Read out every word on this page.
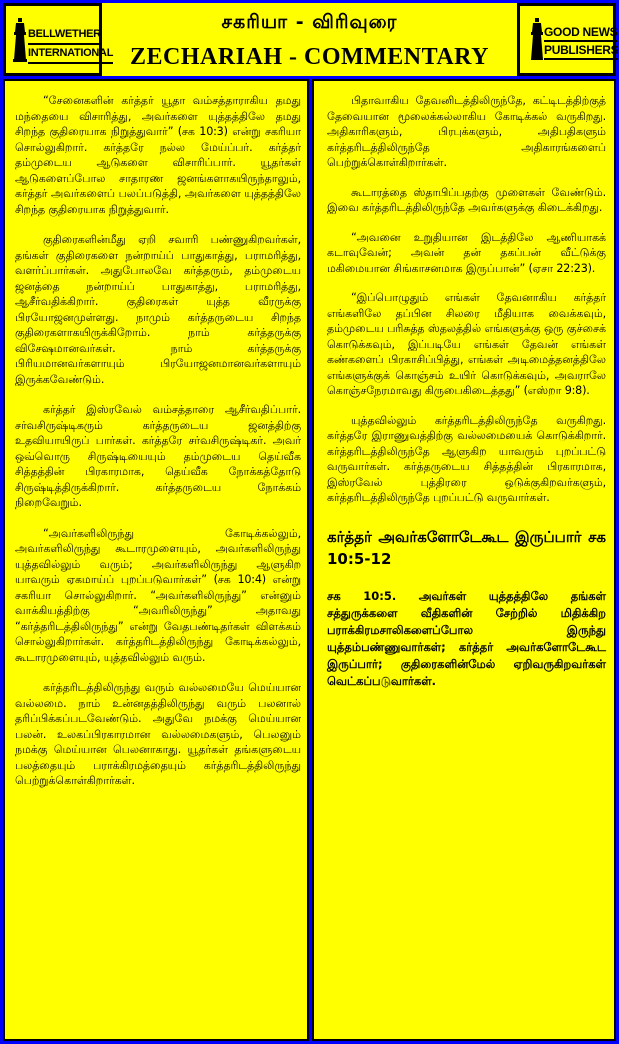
BELLWETHER
INTERNATIONAL
சகரியா - விரிவுரை
ZECHARIAH - COMMENTARY
GOOD NEWS
PUBLISHERS

“சேனைகளின் கர்த்தர் யூதா வம்சத்தாராகிய தமது மந்தையை விசாரித்து, அவர்களை யுத்தத்திலே தமது சிறந்த குதிரையாக நிறுத்துவார்” (சக 10:3) என்று சகரியா சொல்லுகிறார். கர்த்தரே நல்ல மேய்ப்பர். கர்த்தர் தம்முடைய ஆடுகளை விசாரிப்பார். யூதர்கள் ஆடுகளைப்போல சாதாரண ஜனங்களாகயிருந்தாலும், கர்த்தர் அவர்களைப் பலப்படுத்தி, அவர்களை யுத்தத்திலே சிறந்த குதிரையாக நிறுத்துவார்.

குதிரைகளின்மீது ஏறி சவாரி பண்ணுகிறவர்கள், தங்கள் குதிரைகளை நன்றாய்ப் பாதுகாத்து, பராமரித்து, வளர்ப்பார்கள். அதுபோலவே கர்த்தரும், தம்முடைய ஜனத்தை நன்றாய்ப் பாதுகாத்து, பராமரித்து, ஆசீர்வதிக்கிறார். குதிரைகள் யுத்த வீரருக்கு பிரயோஜனமுள்ளது. நாமும் கர்த்தருடைய சிறந்த குதிரைகளாகயிருக்கிறோம். நாம் கர்த்தருக்கு விசேஷமானவர்கள். நாம் கர்த்தருக்கு பிரியமானவர்களாயும் பிரயோஜனமானவர்களாயும் இருக்கவேண்டும்.

கர்த்தர் இஸ்ரவேல் வம்சத்தாரை ஆசீர்வதிப்பார். சர்வசிருஷ்டிகரும் கர்த்தருடைய ஜனத்திற்கு உதவியாயிருப் பார்கள். கர்த்தரே சர்வசிருஷ்டிகர். அவர் ஒவ்வொரு சிருஷ்டியையும் தம்முடைய தெய்வீக சித்தத்தின் பிரகாரமாக, தெய்வீக நோக்கத்தோடு சிருஷ்டித்திருக்கிறார். கர்த்தருடைய நோக்கம் நிறைவேறும்.

“அவர்களிலிருந்து கோடிக்கல்லும், அவர்களிலிருந்து கூடாரமுளையும், அவர்களிலிருந்து யுத்தவில்லும் வரும்; அவர்களிலிருந்து ஆளுகிற யாவரும் ஏகமாய்ப் புறப்படுவார்கள்” (சக 10:4) என்று சகரியா சொல்லுகிறார். “அவர்களிலிருந்து” என்னும் வாக்கியத்திற்கு “அவரிலிருந்து” அதாவது “கர்த்தரிடத்திலிருந்து” என்று வேதபண்டிதர்கள் விளக்கம் சொல்லுகிறார்கள். கர்த்தரிடத்திலிருந்து கோடிக்கல்லும், கூடாரமுளையும், யுத்தவில்லும் வரும்.

கர்த்தரிடத்திலிருந்து வரும் வல்லமையே மெய்யான வல்லமை. நாம் உன்னதத்திலிருந்து வரும் பலனால் தரிப்பிக்கப்படவேண்டும். அதுவே நமக்கு மெய்யான பலன். உலகப்பிரகாரமான வல்லமைகளும், பெலனும் நமக்கு மெய்யான பெலனாகாது. யூதர்கள் தங்களுடைய பலத்தையும் பராக்கிரமத்தையும் கர்த்தரிடத்திலிருந்து பெற்றுக்கொள்கிறார்கள்.

பிதாவாகிய தேவனிடத்திலிருந்தே, கட்டிடத்திற்குத் தேவையான மூலைக்கல்லாகிய கோடிக்கல் வருகிறது. அதிகாரிகளும், பிரபுக்களும், அதிபதிகளும் கர்த்தரிடத்திலிருந்தே அதிகாரங்களைப் பெற்றுக்கொள்கிறார்கள்.

கூடாரத்தை ஸ்தாபிப்பதற்கு முளைகள் வேண்டும். இவை கர்த்தரிடத்திலிருந்தே அவர்களுக்கு கிடைக்கிறது.

“அவனை உறுதியான இடத்திலே ஆணியாகக் கடாவுவேன்; அவன் தன் தகப்பன் வீட்டுக்கு மகிமையான சிங்காசனமாக இருப்பான்” (ஏசா 22:23).

“இப்பொழுதும் எங்கள் தேவனாகிய கர்த்தர் எங்களிலே தப்பின சிலரை மீதியாக வைக்கவும், தம்முடைய பரிசுத்த ஸ்தலத்தில் எங்களுக்கு ஒரு குச்சைக் கொடுக்கவும், இப்படியே எங்கள் தேவன் எங்கள் கண்களைப் பிரகாசிப்பித்து, எங்கள் அடிமைத்தனத்திலே எங்களுக்குக் கொஞ்சம் உயிர் கொடுக்கவும், அவராலே கொஞ்சநேரமாவது கிருபைகிடைத்தது” (எஸ்றா 9:8).

யுத்தவில்லும் கர்த்தரிடத்திலிருந்தே வருகிறது. கர்த்தரே இராணுவத்திற்கு வல்லமையைக் கொடுக்கிறார். கர்த்தரிடத்திலிருந்தே ஆளுகிற யாவரும் புறப்பட்டு வருவார்கள். கர்த்தருடைய சித்தத்தின் பிரகாரமாக, இஸ்ரவேல் புத்திரரை ஒடுக்குகிறவர்களும், கர்த்தரிடத்திலிருந்தே புறப்பட்டு வருவார்கள்.

கர்த்தர் அவர்களோடேகூட இருப்பார் சக 10:5-12

சக 10:5. அவர்கள் யுத்தத்திலே தங்கள் சத்துருக்களை வீதிகளின் சேற்றில் மிதிக்கிற பராக்கிரமசாலிகளைப்போல இருந்து யுத்தம்பண்ணுவார்கள்; கர்த்தர் அவர்களோடேகூட இருப்பார்; குதிரைகளின்மேல் ஏறிவருகிறவர்கள் வெட்கப்படுவார்கள்.
